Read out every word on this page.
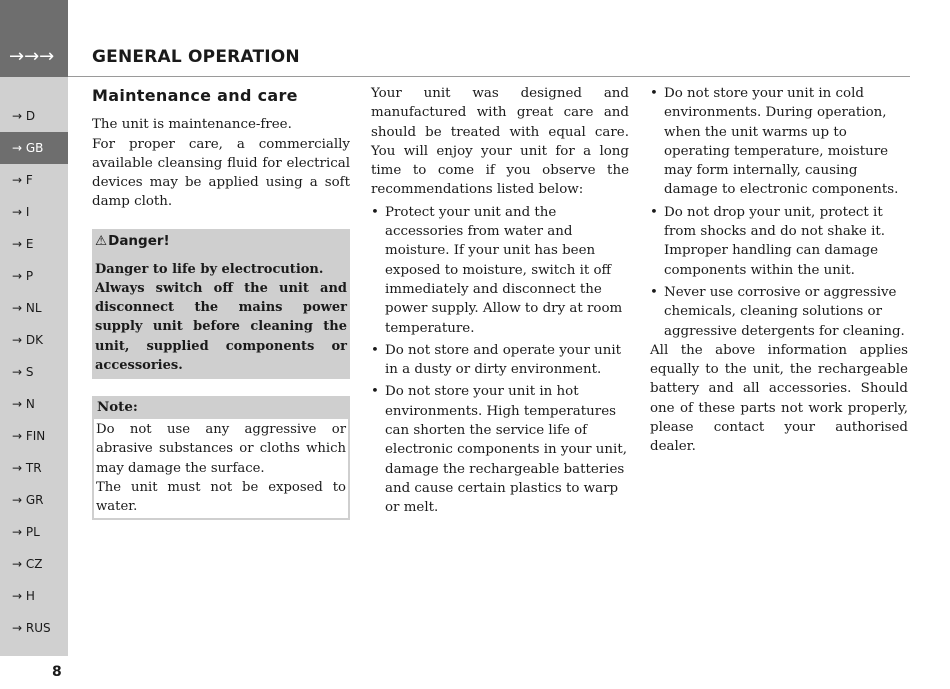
→→→
→ D
→ GB
→ F
→ I
→ E
→ P
→ NL
→ DK
→ S
→ N
→ FIN
→ TR
→ GR
→ PL
→ CZ
→ H
→ RUS
8
GENERAL OPERATION
Maintenance and care

The unit is maintenance-free.

For proper care, a commercially available cleansing fluid for electrical devices may be applied using a soft damp cloth.

⚠Danger!

Danger to life by electrocution.

Always switch off the unit and disconnect the mains power supply unit before cleaning the unit, supplied components or accessories.

Note:

Do not use any aggressive or abrasive substances or cloths which may damage the surface.

The unit must not be exposed to water.

Your unit was designed and manufactured with great care and should be treated with equal care. You will enjoy your unit for a long time to come if you observe the recommendations listed below:

• Protect your unit and the accessories from water and moisture. If your unit has been exposed to moisture, switch it off immediately and disconnect the power supply. Allow to dry at room temperature.
• Do not store and operate your unit in a dusty or dirty environment.
• Do not store your unit in hot environments. High temperatures can shorten the service life of electronic components in your unit, damage the rechargeable batteries and cause certain plastics to warp or melt.
• Do not store your unit in cold environments. During operation, when the unit warms up to operating temperature, moisture may form internally, causing damage to electronic components.
• Do not drop your unit, protect it from shocks and do not shake it. Improper handling can damage components within the unit.
• Never use corrosive or aggressive chemicals, cleaning solutions or aggressive detergents for cleaning.

All the above information applies equally to the unit, the rechargeable battery and all accessories. Should one of these parts not work properly, please contact your authorised dealer.
